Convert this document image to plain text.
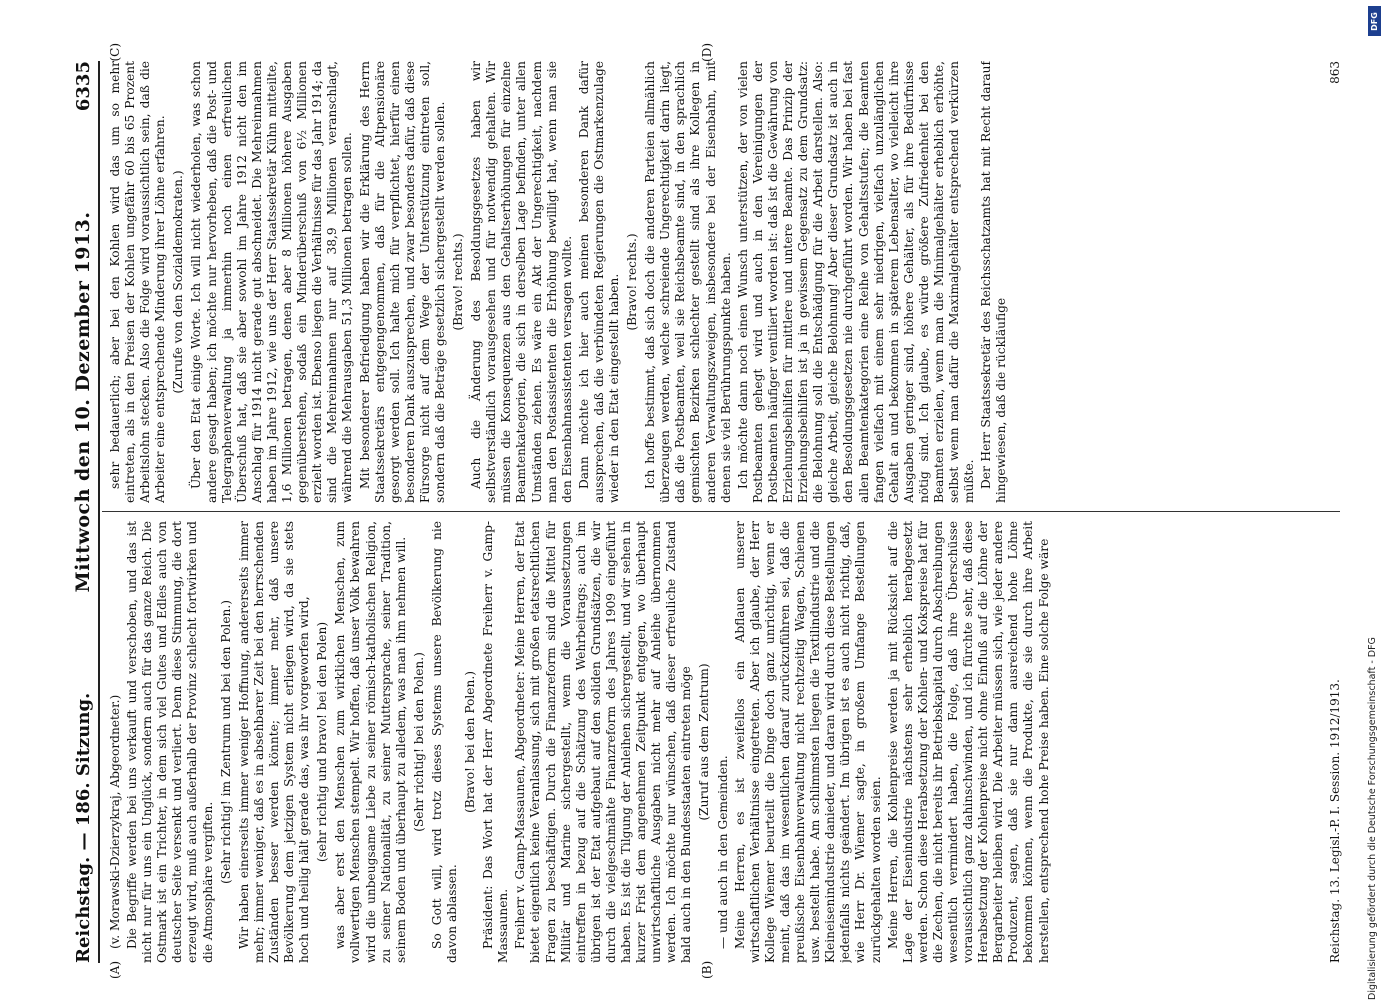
Reichstag. — 186. Sitzung.
Mittwoch den 10. Dezember 1913.
6335

(v. Morawski-Dzierzykraj, Abgeordneter.) Die Begriffe werden bei uns verkauft und verschoben, und das ist nicht nur für uns ein Unglück, sondern auch für das ganze Reich. Die Ostmark ist ein Trichter, in dem sich viel Gutes und Edles auch von deutscher Seite versenkt und verliert. Denn diese Stimmung, die dort erzeugt wird, muß auch außerhalb der Provinz schlecht fortwirken und die Atmosphäre vergiften. (Sehr richtig! im Zentrum und bei den Polen.) Wir haben einerseits immer weniger Hoffnung, andererseits immer mehr; immer weniger, daß es in absehbarer Zeit bei den herrschenden Zuständen besser werden könnte; immer mehr, daß unsere Bevölkerung dem jetzigen System nicht erliegen wird, da sie stets hoch und heilig hält gerade das, was ihr vorgeworfen wird, (sehr richtig und bravo! bei den Polen) was aber erst den Menschen zum wirklichen Menschen, zum vollwertigen Menschen stempelt. Wir hoffen, daß unser Volk bewahren wird die unbeugsame Liebe zu seiner römisch-katholischen Religion, zu seiner Nationalität, zu seiner Muttersprache, seiner Tradition, seinem Boden und überhaupt zu alledem, was man ihm nehmen will. (Sehr richtig! bei den Polen.) So Gott will, wird trotz dieses Systems unsere Bevölkerung nie davon ablassen.

(Bravo! bei den Polen.) Präsident: Das Wort hat der Herr Abgeordnete Freiherr v. Gamp-Massaunen. Freiherr v. Gamp-Massaunen, Abgeordneter: Meine Herren, der Etat bietet eigentlich keine Veranlassung, sich mit großen etatsrechtlichen Fragen zu beschäftigen. Durch die Finanzreform sind die Mittel für Militär und Marine sichergestellt, wenn die Voraussetzungen eintreffen in bezug auf die Schätzung des Wehrbeitrags; auch im übrigen ist der Etat aufgebaut auf den soliden Grundsätzen, die wir durch die vielgeschmähte Finanzreform des Jahres 1909 eingeführt haben. Es ist die Tilgung der Anleihen sichergestellt, und wir sehen in kurzer Frist dem angenehmen Zeitpunkt entgegen, wo überhaupt unwirtschaftliche Ausgaben nicht mehr auf Anleihe übernommen werden. Ich möchte nur wünschen, daß dieser erfreuliche Zustand bald auch in den Bundesstaaten eintreten möge (Zuruf aus dem Zentrum)

— und auch in den Gemeinden. Meine Herren, es ist zweifellos ein Abflauen unserer wirtschaftlichen Verhältnisse eingetreten. Aber ich glaube, der Herr Kollege Wiemer beurteilt die Dinge doch ganz unrichtig, wenn er meint, daß das im wesentlichen darauf zurückzuführen sei, daß die preußische Eisenbahnverwaltung nicht rechtzeitig Wagen, Schienen usw. bestellt habe. Am schlimmsten liegen die Textilindustrie und die Kleineisenindustrie danieder, und daran wird durch diese Bestellungen jedenfalls nichts geändert. Im übrigen ist es auch nicht richtig, daß, wie Herr Dr. Wiemer sagte, in großem Umfange Bestellungen zurückgehalten worden seien. Meine Herren, die Kohlenpreise werden ja mit Rücksicht auf die Lage der Eisenindustrie nächstens sehr erheblich herabgesetzt werden. Schon diese Herabsetzung der Kohlen- und Kokspreise hat für die Zechen, die nicht bereits ihr Betriebskapital durch Abschreibungen wesentlich vermindert haben, die Folge, daß ihre Überschüsse voraussichtlich ganz dahinschwinden, und ich fürchte sehr, daß diese Herabsetzung der Kohlenpreise nicht ohne Einfluß auf die Löhne der Bergarbeiter bleiben wird. Die Arbeiter müssen sich, wie jeder andere Produzent, sagen, daß sie nur dann ausreichend hohe Löhne bekommen können, wenn die Produkte, die sie durch ihre Arbeit herstellen, entsprechend hohe Preise haben. Eine solche Folge wäre

sehr bedauerlich; aber bei den Kohlen wird das um so mehr eintreten, als in den Preisen der Kohlen ungefähr 60 bis 65 Prozent Arbeitslohn stecken. Also die Folge wird voraussichtlich sein, daß die Arbeiter eine entsprechende Minderung ihrer Löhne erfahren. (Zurufe von den Sozialdemokraten.) Über den Etat einige Worte. Ich will nicht wiederholen, was schon andere gesagt haben; ich möchte nur hervorheben, daß die Post- und Telegraphenverwaltung ja immerhin noch einen erfreulichen Überschuß hat, daß sie aber sowohl im Jahre 1912 nicht den im Anschlag für 1914 nicht gerade gut abschneidet. Die Mehreinnahmen haben im Jahre 1912, wie uns der Herr Staatssekretär Kühn mitteilte, 1,6 Millionen betragen, denen aber 8 Millionen höhere Ausgaben gegenüberstehen, sodaß ein Minderüberschuß von 6½ Millionen erzielt worden ist. Ebenso liegen die Verhältnisse für das Jahr 1914; da sind die Mehreinnahmen nur auf 38,9 Millionen veranschlagt, während die Mehrausgaben 51,3 Millionen betragen sollen. Mit besonderer Befriedigung haben wir die Erklärung des Herrn Staatssekretärs entgegengenommen, daß für die Altpensionäre gesorgt werden soll. Ich halte mich für verpflichtet, hierfür einen besonderen Dank auszusprechen, und zwar besonders dafür, daß diese Fürsorge nicht auf dem Wege der Unterstützung eintreten soll, sondern daß die Beträge gesetzlich sichergestellt werden sollen. (Bravo! rechts.) Auch die Änderung des Besoldungsgesetzes haben wir selbstverständlich vorausgesehen und für notwendig gehalten. Wir müssen die Konsequenzen aus den Gehaltserhöhungen für einzelne Beamtenkategorien, die sich in derselben Lage befinden, unter allen Umständen ziehen. Es wäre ein Akt der Ungerechtigkeit, nachdem man den Postassistenten die Erhöhung bewilligt hat, wenn man sie den Eisenbahnassistenten versagen wollte. Dann möchte ich hier auch meinen besonderen Dank dafür aussprechen, daß die verbündeten Regierungen die Ostmarkenzulage wieder in den Etat eingestellt haben. (Bravo! rechts.) Ich hoffe bestimmt, daß sich doch die anderen Parteien allmählich überzeugen werden, welche schreiende Ungerechtigkeit darin liegt, daß die Postbeamten, weil sie Reichsbeamte sind, in den sprachlich gemischten Bezirken schlechter gestellt sind als ihre Kollegen in anderen Verwaltungszweigen, insbesondere bei der Eisenbahn, mit denen sie viel Berührungspunkte haben. Ich möchte dann noch einen Wunsch unterstützen, der von vielen Postbeamten gehegt wird und auch in den Vereinigungen der Postbeamten häufiger ventiliert worden ist: daß ist die Gewährung von Erziehungsbeihilfen für mittlere und untere Beamte. Das Prinzip der Erziehungsbeihilfen ist ja in gewissem Gegensatz zu dem Grundsatz: die Belohnung soll die Entschädigung für die Arbeit darstellen. Also: gleiche Arbeit, gleiche Belohnung! Aber dieser Grundsatz ist auch in den Besoldungsgesetzen nie durchgeführt worden. Wir haben bei fast allen Beamtenkategorien eine Reihe von Gehaltsstufen; die Beamten fangen vielfach mit einem sehr niedrigen, vielfach unzulänglichen Gehalt an und bekommen in späterem Lebensalter, wo vielleicht ihre Ausgaben geringer sind, höhere Gehälter, als für ihre Bedürfnisse nötig sind. Ich glaube, es würde größere Zufriedenheit bei den Beamten erzielen, wenn man die Minimalgehälter erheblich erhöhte, selbst wenn man dafür die Maximalgehälter entsprechend verkürzen müßte. Der Herr Staatssekretär des Reichsschatzamts hat mit Recht darauf hingewiesen, daß die rückläufige

(A)	(B)
(C)	(D)
Reichstag. 13. Legisl.-P. I. Session. 1912/1913.
863
Digitalisierung gefördert durch die Deutsche Forschungsgemeinschaft - DFG
DFG
